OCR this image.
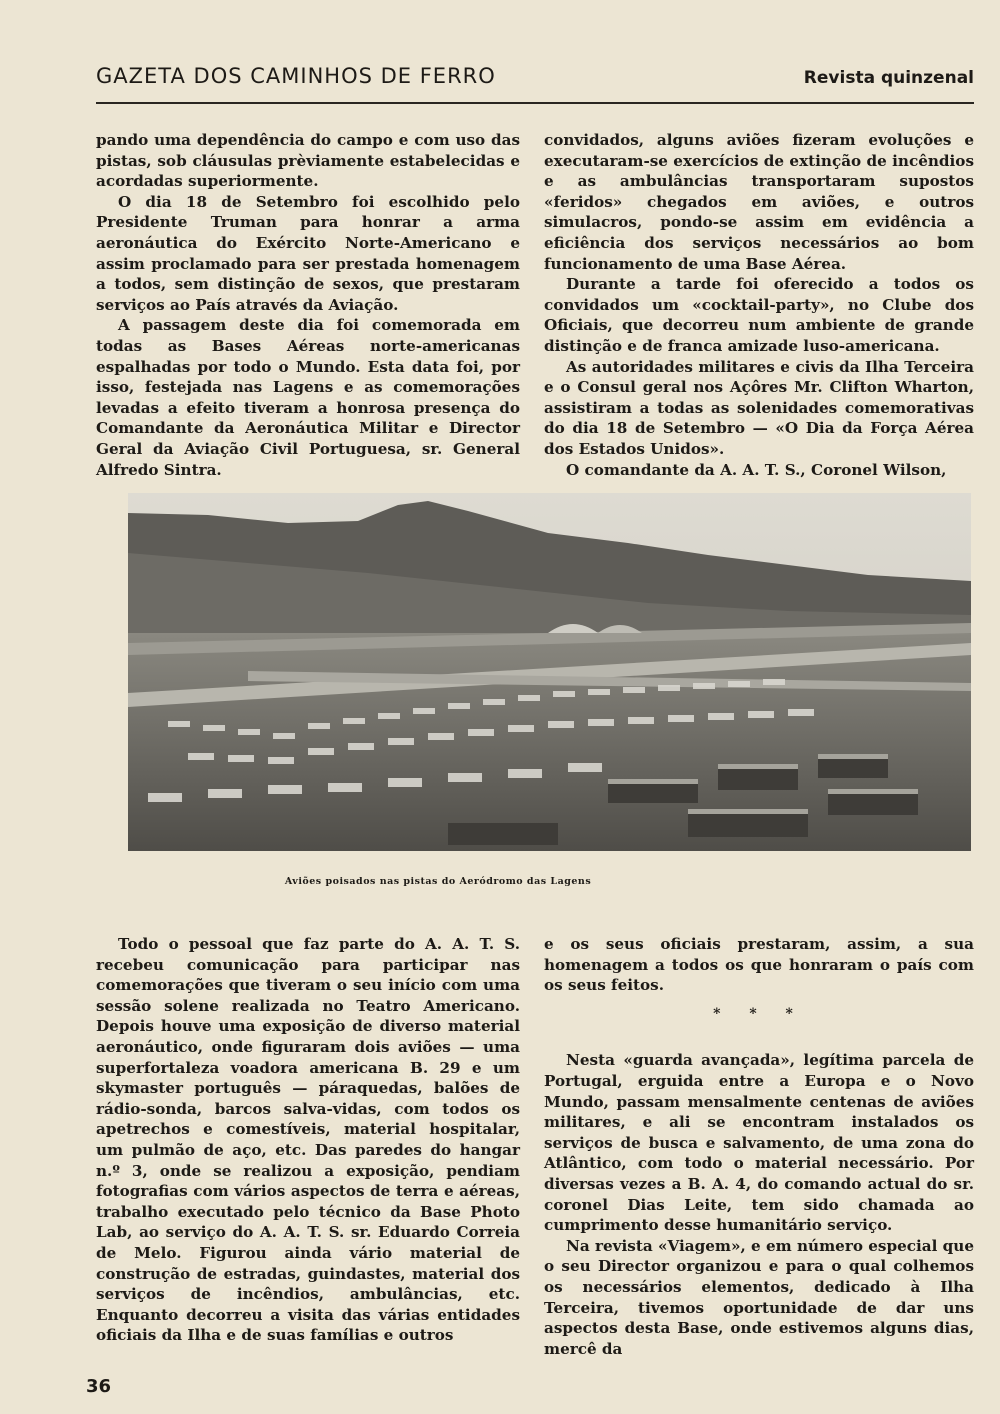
GAZETA DOS CAMINHOS DE FERRO	Revista quinzenal

pando uma dependência do campo e com uso das pistas, sob cláusulas prèviamente estabelecidas e acordadas superiormente.

O dia 18 de Setembro foi escolhido pelo Presidente Truman para honrar a arma aeronáutica do Exército Norte-Americano e assim proclamado para ser prestada homenagem a todos, sem distinção de sexos, que prestaram serviços ao País através da Aviação.

A passagem deste dia foi comemorada em todas as Bases Aéreas norte-americanas espalhadas por todo o Mundo. Esta data foi, por isso, festejada nas Lagens e as comemorações levadas a efeito tiveram a honrosa presença do Comandante da Aeronáutica Militar e Director Geral da Aviação Civil Portuguesa, sr. General Alfredo Sintra.

convidados, alguns aviões fizeram evoluções e executaram-se exercícios de extinção de incêndios e as ambulâncias transportaram supostos «feridos» chegados em aviões, e outros simulacros, pondo-se assim em evidência a eficiência dos serviços necessários ao bom funcionamento de uma Base Aérea.

Durante a tarde foi oferecido a todos os convidados um «cocktail-party», no Clube dos Oficiais, que decorreu num ambiente de grande distinção e de franca amizade luso-americana.

As autoridades militares e civis da Ilha Terceira e o Consul geral nos Açôres Mr. Clifton Wharton, assistiram a todas as solenidades comemorativas do dia 18 de Setembro — «O Dia da Força Aérea dos Estados Unidos».

O comandante da A. A. T. S., Coronel Wilson,

Aviões poisados nas pistas do Aeródromo das Lagens

Todo o pessoal que faz parte do A. A. T. S. recebeu comunicação para participar nas comemorações que tiveram o seu início com uma sessão solene realizada no Teatro Americano. Depois houve uma exposição de diverso material aeronáutico, onde figuraram dois aviões — uma superfortaleza voadora americana B. 29 e um skymaster português — páraquedas, balões de rádio-sonda, barcos salva-vidas, com todos os apetrechos e comestíveis, material hospitalar, um pulmão de aço, etc. Das paredes do hangar n.º 3, onde se realizou a exposição, pendiam fotografias com vários aspectos de terra e aéreas, trabalho executado pelo técnico da Base Photo Lab, ao serviço do A. A. T. S. sr. Eduardo Correia de Melo. Figurou ainda vário material de construção de estradas, guindastes, material dos serviços de incêndios, ambulâncias, etc. Enquanto decorreu a visita das várias entidades oficiais da Ilha e de suas famílias e outros

e os seus oficiais prestaram, assim, a sua homenagem a todos os que honraram o país com os seus feitos.

* * *

Nesta «guarda avançada», legítima parcela de Portugal, erguida entre a Europa e o Novo Mundo, passam mensalmente centenas de aviões militares, e ali se encontram instalados os serviços de busca e salvamento, de uma zona do Atlântico, com todo o material necessário. Por diversas vezes a B. A. 4, do comando actual do sr. coronel Dias Leite, tem sido chamada ao cumprimento desse humanitário serviço.

Na revista «Viagem», e em número especial que o seu Director organizou e para o qual colhemos os necessários elementos, dedicado à Ilha Terceira, tivemos oportunidade de dar uns aspectos desta Base, onde estivemos alguns dias, mercê da

36
